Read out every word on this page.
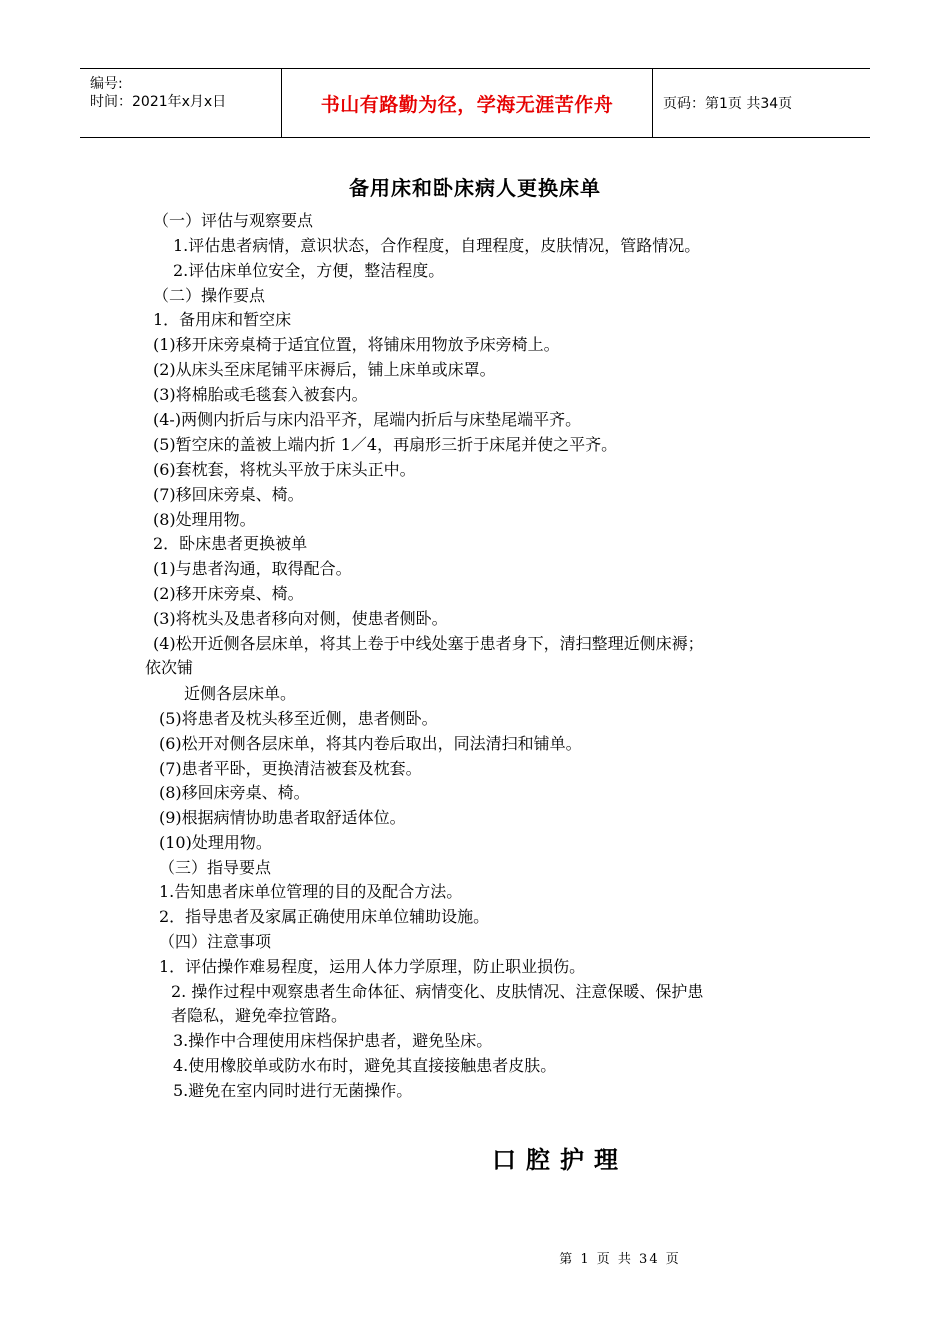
编号:
时间：2021年x月x日	书山有路勤为径，学海无涯苦作舟	页码：第1页 共34页
备用床和卧床病人更换床单
（一）评估与观察要点
1.评估患者病情，意识状态，合作程度，自理程度，皮肤情况，管路情况。
2.评估床单位安全，方便，整洁程度。
（二）操作要点
1．备用床和暂空床
(1)移开床旁桌椅于适宜位置，将铺床用物放予床旁椅上。
(2)从床头至床尾铺平床褥后，铺上床单或床罩。
(3)将棉胎或毛毯套入被套内。
(4-)两侧内折后与床内沿平齐，尾端内折后与床垫尾端平齐。
(5)暂空床的盖被上端内折 1／4，再扇形三折于床尾并使之平齐。
(6)套枕套，将枕头平放于床头正中。
(7)移回床旁桌、椅。
(8)处理用物。
2．卧床患者更换被单
(1)与患者沟通，取得配合。
(2)移开床旁桌、椅。
(3)将枕头及患者移向对侧，使患者侧卧。
(4)松开近侧各层床单，将其上卷于中线处塞于患者身下，清扫整理近侧床褥；
依次铺
近侧各层床单。
(5)将患者及枕头移至近侧，患者侧卧。
(6)松开对侧各层床单，将其内卷后取出，同法清扫和铺单。
(7)患者平卧，更换清洁被套及枕套。
(8)移回床旁桌、椅。
(9)根据病情协助患者取舒适体位。
(10)处理用物。
（三）指导要点
1.告知患者床单位管理的目的及配合方法。
2．指导患者及家属正确使用床单位辅助设施。
（四）注意事项
1．评估操作难易程度，运用人体力学原理，防止职业损伤。
2. 操作过程中观察患者生命体征、病情变化、皮肤情况、注意保暖、保护患
者隐私，避免牵拉管路。
3.操作中合理使用床档保护患者，避免坠床。
4.使用橡胶单或防水布时，避免其直接接触患者皮肤。
5.避免在室内同时进行无菌操作。
口腔护理
第 1 页 共 34 页
